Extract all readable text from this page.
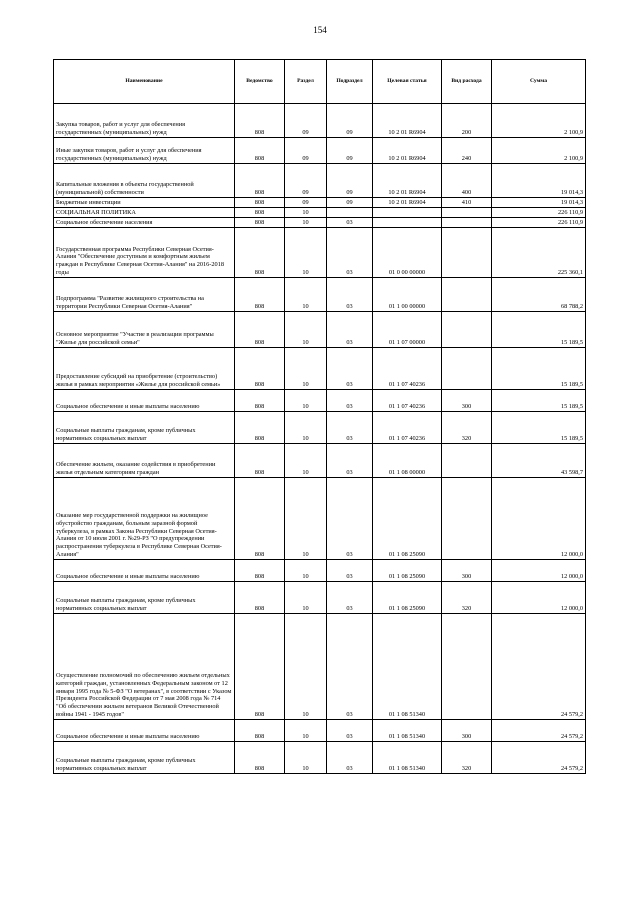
154
Наименование	Ведомство	Раздел	Подраздел	Целевая статья	Вид расхода	Сумма
Закупка товаров, работ и услуг для обеспечения государственных (муниципальных) нужд	808	09	09	10 2 01 R6904	200	2 100,9
Иные закупки товаров, работ и услуг для обеспечения государственных (муниципальных) нужд	808	09	09	10 2 01 R6904	240	2 100,9
Капитальные вложения в объекты государственной (муниципальной) собственности	808	09	09	10 2 01 R6904	400	19 014,3
Бюджетные инвестиции	808	09	09	10 2 01 R6904	410	19 014,3
СОЦИАЛЬНАЯ ПОЛИТИКА	808	10				226 110,9
Социальное обеспечение населения	808	10	03			226 110,9
Государственная программа Республики Северная Осетия-Алания "Обеспечение доступным и комфортным жильем граждан в Республике Северная Осетия-Алания" на 2016-2018 годы	808	10	03	01 0 00 00000		225 360,1
Подпрограмма "Развитие жилищного строительства на территории Республики Северная Осетия-Алания"	808	10	03	01 1 00 00000		68 788,2
Основное мероприятие "Участие в реализации программы "Жилье для российской семьи"	808	10	03	01 1 07 00000		15 189,5
Предоставление субсидий на приобретение (строительство) жилья в рамках мероприятия «Жилье для российской семьи»	808	10	03	01 1 07 40236		15 189,5
Социальное обеспечение и иные выплаты населению	808	10	03	01 1 07 40236	300	15 189,5
Социальные выплаты гражданам, кроме публичных нормативных социальных выплат	808	10	03	01 1 07 40236	320	15 189,5
Обеспечение жильем, оказание содействия в приобретении жилья отдельным категориям граждан	808	10	03	01 1 08 00000		43 598,7
Оказание мер государственной поддержки на жилищное обустройство гражданам, больным заразной формой туберкулеза, в рамках Закона Республики Северная Осетия-Алания от 10 июля 2001 г. №29-РЗ "О предупреждении распространения туберкулеза в Республике Северная Осетия-Алания"	808	10	03	01 1 08 25090		12 000,0
Социальное обеспечение и иные выплаты населению	808	10	03	01 1 08 25090	300	12 000,0
Социальные выплаты гражданам, кроме публичных нормативных социальных выплат	808	10	03	01 1 08 25090	320	12 000,0
Осуществление полномочий по обеспечению жильем отдельных категорий граждан, установленных Федеральным законом от 12 января 1995 года № 5-ФЗ "О ветеранах", в соответствии с Указом Президента Российской Федерации от 7 мая 2008 года № 714 "Об обеспечении жильем ветеранов Великой Отечественной войны 1941 - 1945 годов"	808	10	03	01 1 08 51340		24 579,2
Социальное обеспечение и иные выплаты населению	808	10	03	01 1 08 51340	300	24 579,2
Социальные выплаты гражданам, кроме публичных нормативных социальных выплат	808	10	03	01 1 08 51340	320	24 579,2
